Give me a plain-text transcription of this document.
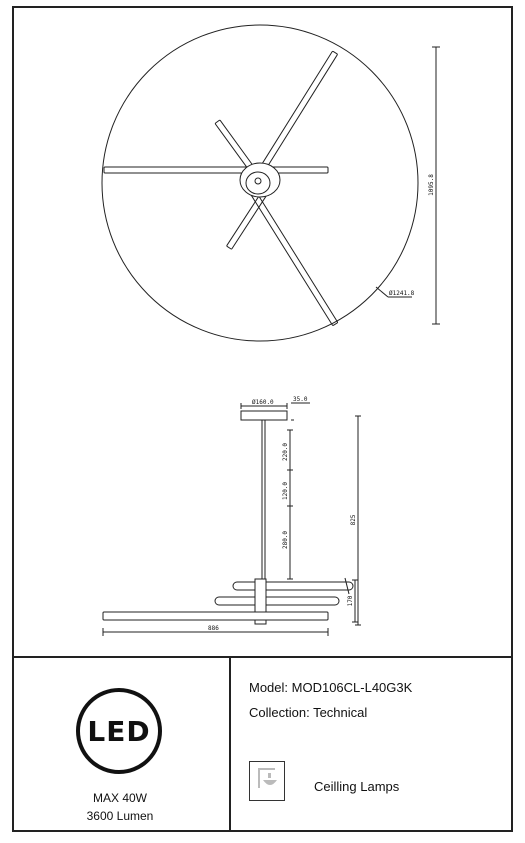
1095.8
Ø1241.8
Ø160.0	35.0
220.0
120.0
280.0
825
170
886
LED
MAX 40W
3600 Lumen
Model: MOD106CL-L40G3K
Collection: Technical
Ceilling Lamps
